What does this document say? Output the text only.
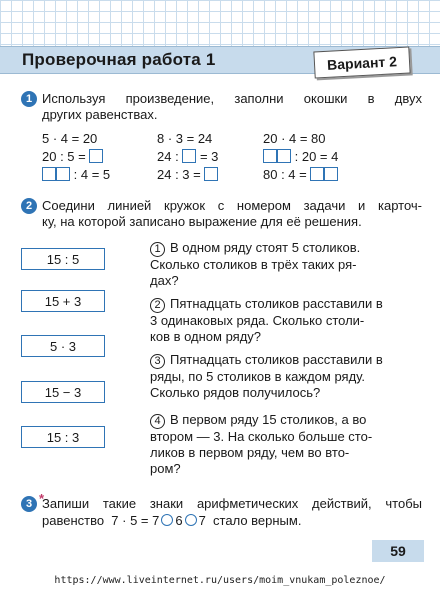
Проверочная работа 1	Вариант 2
1 Используя произведение, заполни окошки в двух
других равенствах.
5 · 4 = 20
20 : 5 =
: 4 = 5
8 · 3 = 24
24 : = 3
24 : 3 =
20 · 4 = 80
: 20 = 4
80 : 4 =
2 Соедини линией кружок с номером задачи и карточ-
ку, на которой записано выражение для её решения.
15 : 5
15 + 3
5 · 3
15 − 3
15 : 3
1 В одном ряду стоят 5 столиков.
Сколько столиков в трёх таких ря-
дах?
2 Пятнадцать столиков расставили в
3 одинаковых ряда. Сколько столи-
ков в одном ряду?
3 Пятнадцать столиков расставили в
ряды, по 5 столиков в каждом ряду.
Сколько рядов получилось?
4 В первом ряду 15 столиков, а во
втором — 3. На сколько больше сто-
ликов в первом ряду, чем во вто-
ром?
3 * Запиши такие знаки арифметических действий, чтобы
равенство  7 · 5 = 7 6 7  стало верным.
59
https://www.liveinternet.ru/users/moim_vnukam_poleznoe/
